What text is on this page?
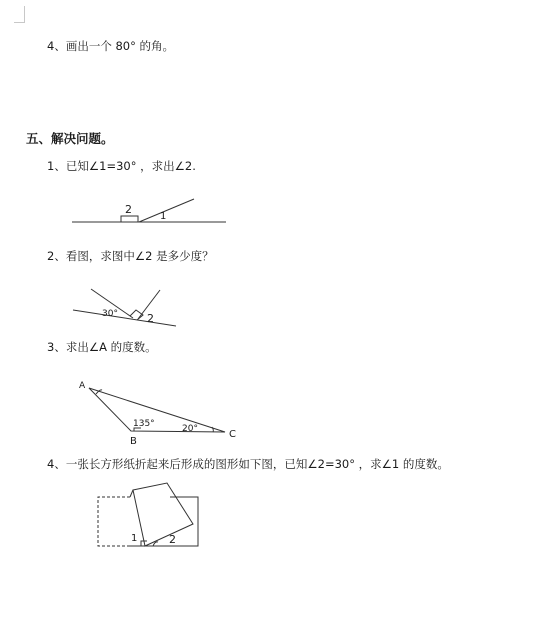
4、画出一个 80° 的角。
五、解决问题。
1、已知∠1=30° ，求出∠2.
2
1
2、看图，求图中∠2 是多少度？
30°	2
3、求出∠A 的度数。
A
B
C
135°	20°
4、一张长方形纸折起来后形成的图形如下图，已知∠2=30° ，求∠1 的度数。
1	2
